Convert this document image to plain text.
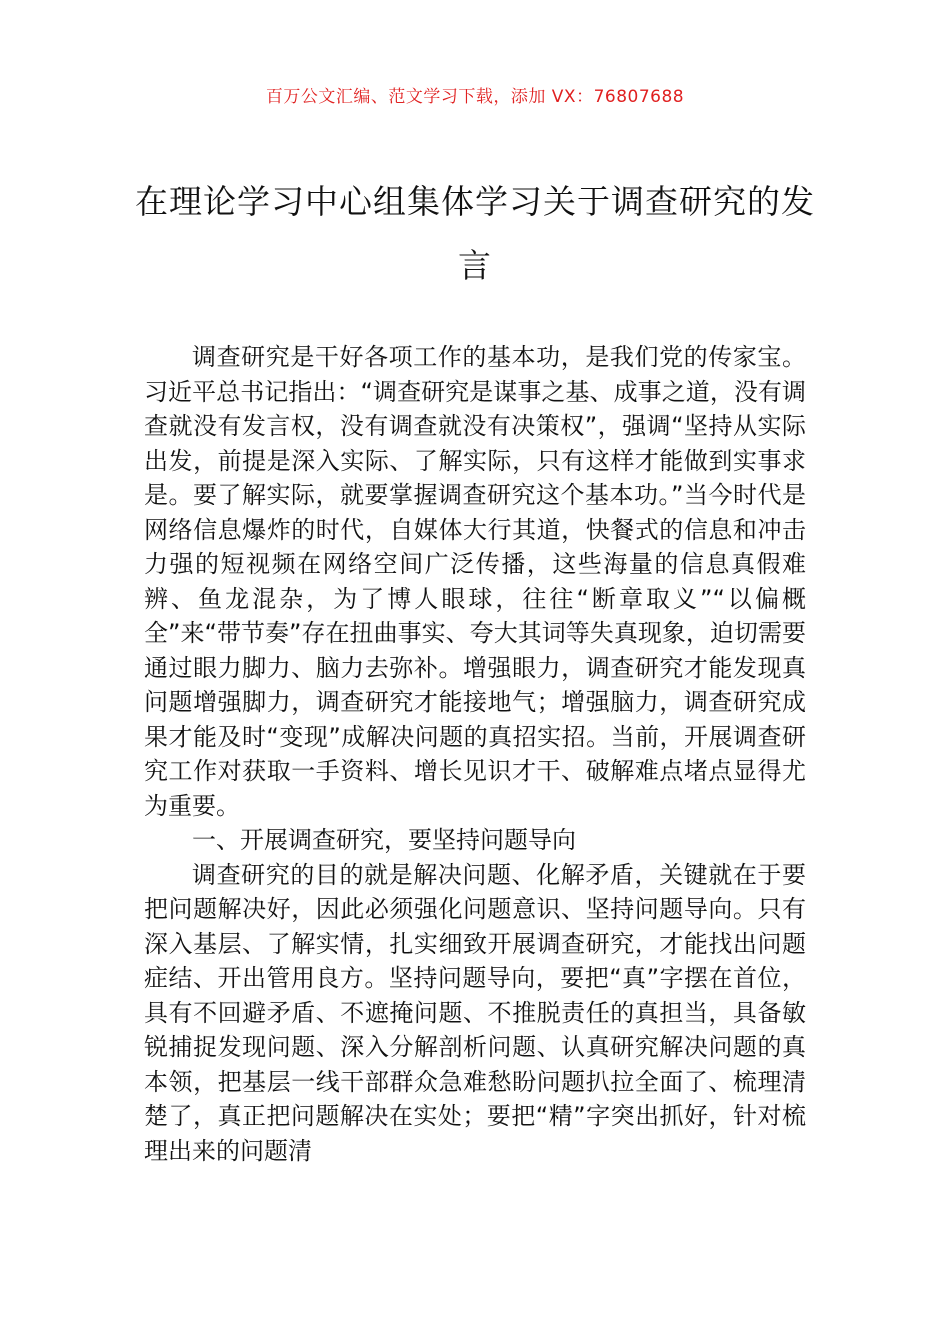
百万公文汇编、范文学习下载，添加 VX：76807688
在理论学习中心组集体学习关于调查研究的发言

调查研究是干好各项工作的基本功，是我们党的传家宝。习近平总书记指出：“调查研究是谋事之基、成事之道，没有调查就没有发言权，没有调查就没有决策权”，强调“坚持从实际出发，前提是深入实际、了解实际，只有这样才能做到实事求是。要了解实际，就要掌握调查研究这个基本功。”当今时代是网络信息爆炸的时代，自媒体大行其道，快餐式的信息和冲击力强的短视频在网络空间广泛传播，这些海量的信息真假难辨、鱼龙混杂，为了博人眼球，往往“断章取义”“以偏概全”来“带节奏”存在扭曲事实、夸大其词等失真现象，迫切需要通过眼力脚力、脑力去弥补。增强眼力，调查研究才能发现真问题增强脚力，调查研究才能接地气；增强脑力，调查研究成果才能及时“变现”成解决问题的真招实招。当前，开展调查研究工作对获取一手资料、增长见识才干、破解难点堵点显得尤为重要。

一、开展调查研究，要坚持问题导向

调查研究的目的就是解决问题、化解矛盾，关键就在于要把问题解决好，因此必须强化问题意识、坚持问题导向。只有深入基层、了解实情，扎实细致开展调查研究，才能找出问题症结、开出管用良方。坚持问题导向，要把“真”字摆在首位，具有不回避矛盾、不遮掩问题、不推脱责任的真担当，具备敏锐捕捉发现问题、深入分解剖析问题、认真研究解决问题的真本领，把基层一线干部群众急难愁盼问题扒拉全面了、梳理清楚了，真正把问题解决在实处；要把“精”字突出抓好，针对梳理出来的问题清
